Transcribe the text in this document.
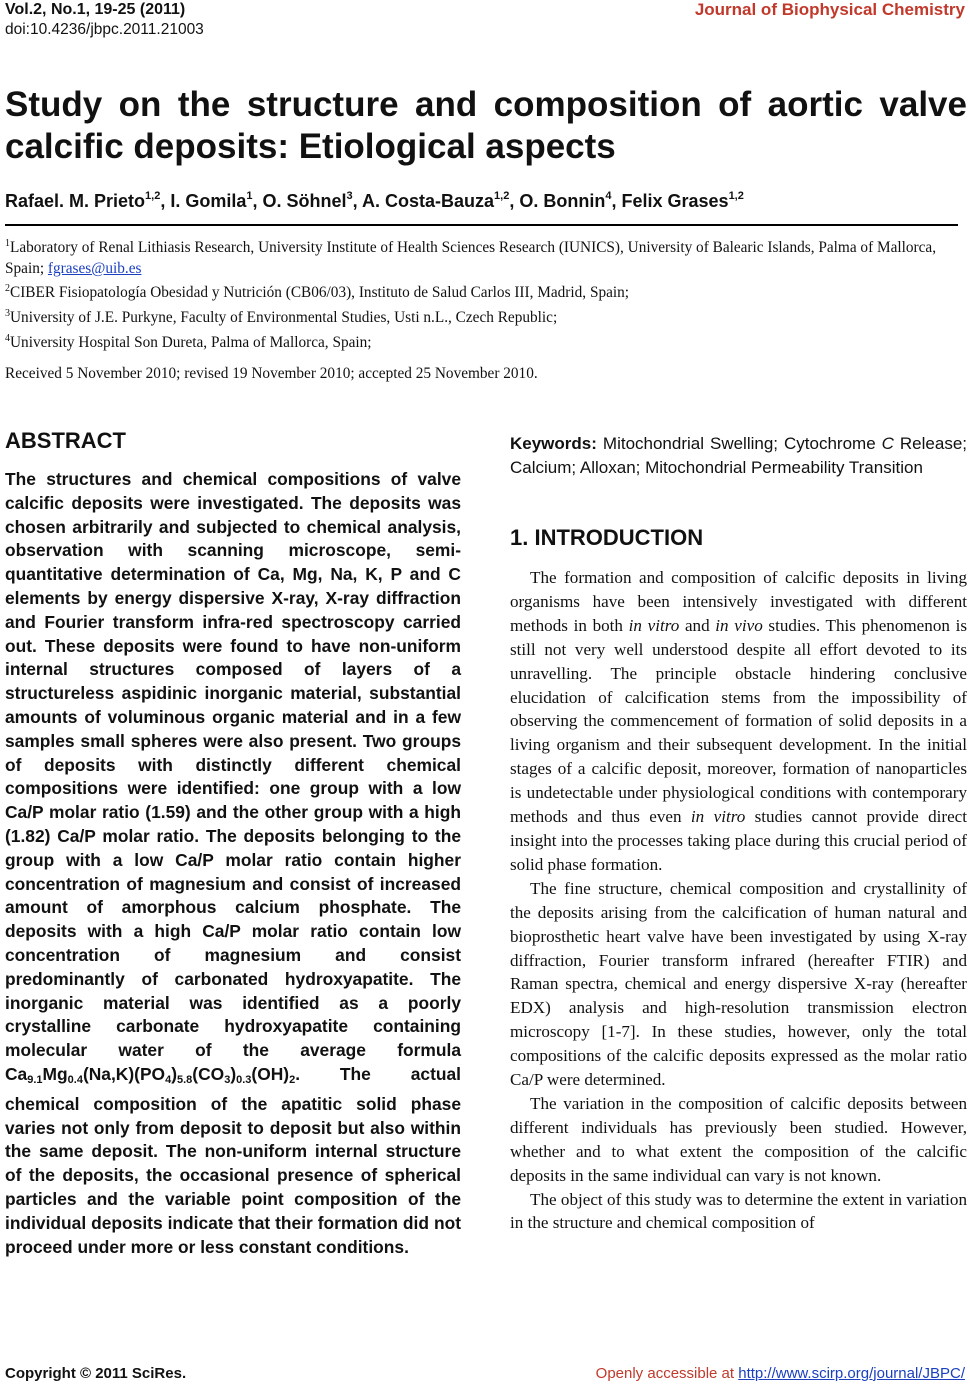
Vol.2, No.1, 19-25 (2011)
doi:10.4236/jbpc.2011.21003
Journal of Biophysical Chemistry
Study on the structure and composition of aortic valve calcific deposits: Etiological aspects
Rafael. M. Prieto$^{1,2}$, I. Gomila$^1$, O. Söhnel$^3$, A. Costa-Bauza$^{1,2}$, O. Bonnin$^4$, Felix Grases$^{1,2}$
$^1$Laboratory of Renal Lithiasis Research, University Institute of Health Sciences Research (IUNICS), University of Balearic Islands, Palma of Mallorca, Spain; fgrases@uib.es
$^2$CIBER Fisiopatología Obesidad y Nutrición (CB06/03), Instituto de Salud Carlos III, Madrid, Spain;
$^3$University of J.E. Purkyne, Faculty of Environmental Studies, Usti n.L., Czech Republic;
$^4$University Hospital Son Dureta, Palma of Mallorca, Spain;
Received 5 November 2010; revised 19 November 2010; accepted 25 November 2010.
ABSTRACT
The structures and chemical compositions of valve calcific deposits were investigated. The deposits was chosen arbitrarily and subjected to chemical analysis, observation with scanning microscope, semi-quantitative determination of Ca, Mg, Na, K, P and C elements by energy dispersive X-ray, X-ray diffraction and Fourier transform infra-red spectroscopy carried out. These deposits were found to have non-uniform internal structures composed of layers of a structureless aspidinic inorganic material, substantial amounts of voluminous organic material and in a few samples small spheres were also present. Two groups of deposits with distinctly different chemical compositions were identified: one group with a low Ca/P molar ratio (1.59) and the other group with a high (1.82) Ca/P molar ratio. The deposits belonging to the group with a low Ca/P molar ratio contain higher concentration of magnesium and consist of increased amount of amorphous calcium phosphate. The deposits with a high Ca/P molar ratio contain low concentration of magnesium and consist predominantly of carbonated hydroxyapatite. The inorganic material was identified as a poorly crystalline carbonate hydroxyapatite containing molecular water of the average formula $Ca_{9.1}Mg_{0.4}(Na,K)(PO_4)_{5.8}(CO_3)_{0.3}(OH)_2$. The actual chemical composition of the apatitic solid phase varies not only from deposit to deposit but also within the same deposit. The non-uniform internal structure of the deposits, the occasional presence of spherical particles and the variable point composition of the individual deposits indicate that their formation did not proceed under more or less constant conditions.
Keywords: Mitochondrial Swelling; Cytochrome C Release; Calcium; Alloxan; Mitochondrial Permeability Transition
1. INTRODUCTION

The formation and composition of calcific deposits in living organisms have been intensively investigated with different methods in both in vitro and in vivo studies. This phenomenon is still not very well understood despite all effort devoted to its unravelling. The principle obstacle hindering conclusive elucidation of calcification stems from the impossibility of observing the commencement of formation of solid deposits in a living organism and their subsequent development. In the initial stages of a calcific deposit, moreover, formation of nanoparticles is undetectable under physiological conditions with contemporary methods and thus even in vitro studies cannot provide direct insight into the processes taking place during this crucial period of solid phase formation.

The fine structure, chemical composition and crystallinity of the deposits arising from the calcification of human natural and bioprosthetic heart valve have been investigated by using X-ray diffraction, Fourier transform infrared (hereafter FTIR) and Raman spectra, chemical and energy dispersive X-ray (hereafter EDX) analysis and high-resolution transmission electron microscopy [1-7]. In these studies, however, only the total compositions of the calcific deposits expressed as the molar ratio Ca/P were determined.

The variation in the composition of calcific deposits between different individuals has previously been studied. However, whether and to what extent the composition of the calcific deposits in the same individual can vary is not known.

The object of this study was to determine the extent in variation in the structure and chemical composition of

Copyright © 2011 SciRes.	Openly accessible at http://www.scirp.org/journal/JBPC/
